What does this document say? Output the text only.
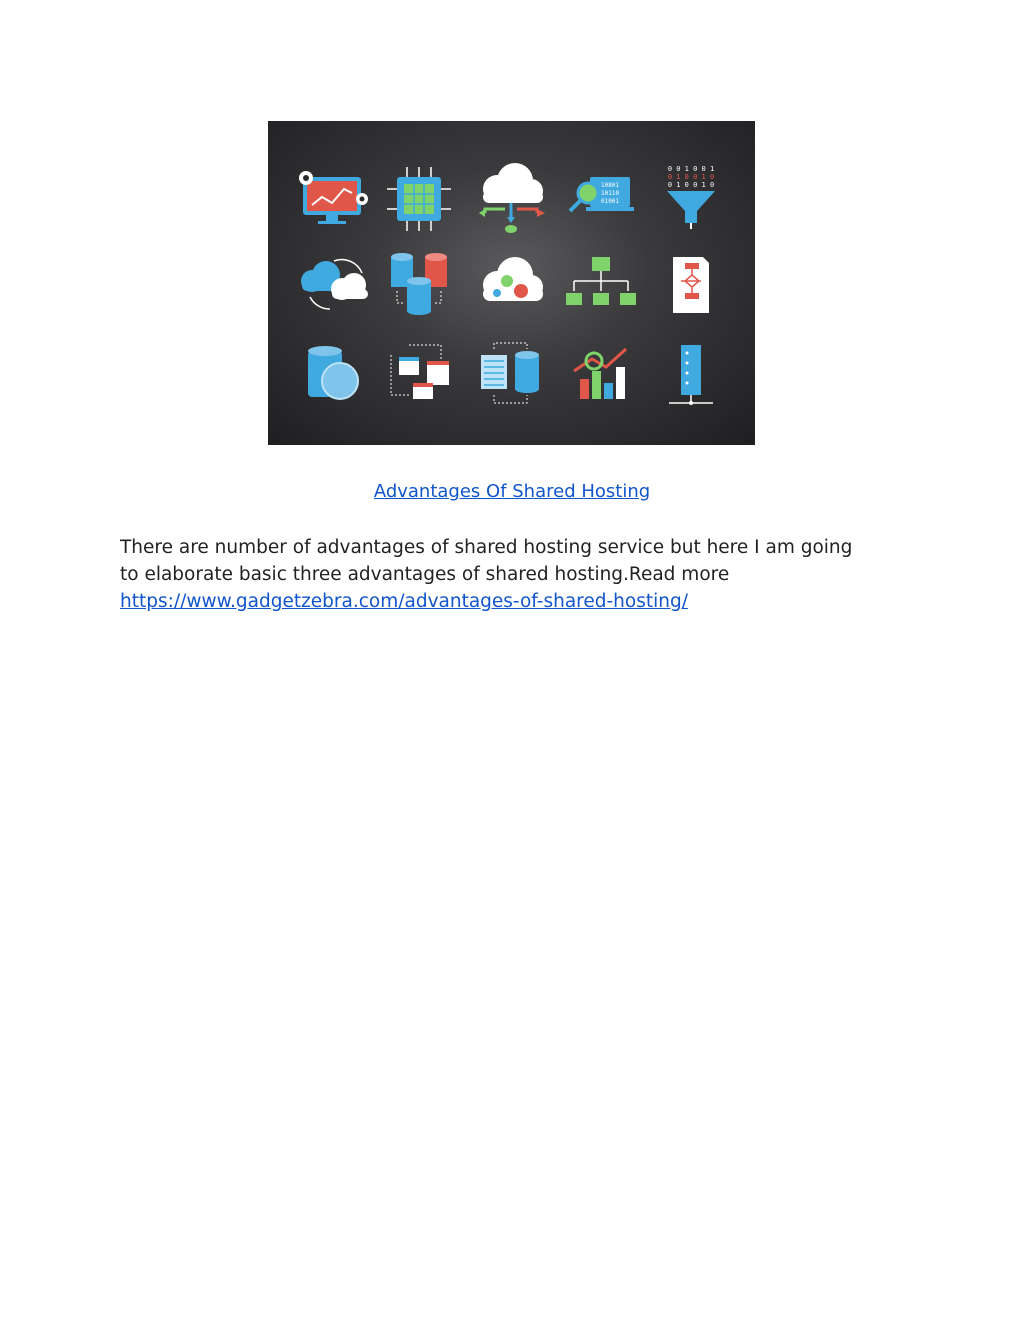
10801
10110
01001
0 0 1 0 0 1
0 1 0 0 1 0
0 1 0 0 1 0
Advantages Of Shared Hosting
There are number of advantages of shared hosting service but here I am going
to elaborate basic three advantages of shared hosting.Read more
https://www.gadgetzebra.com/advantages-of-shared-hosting/
